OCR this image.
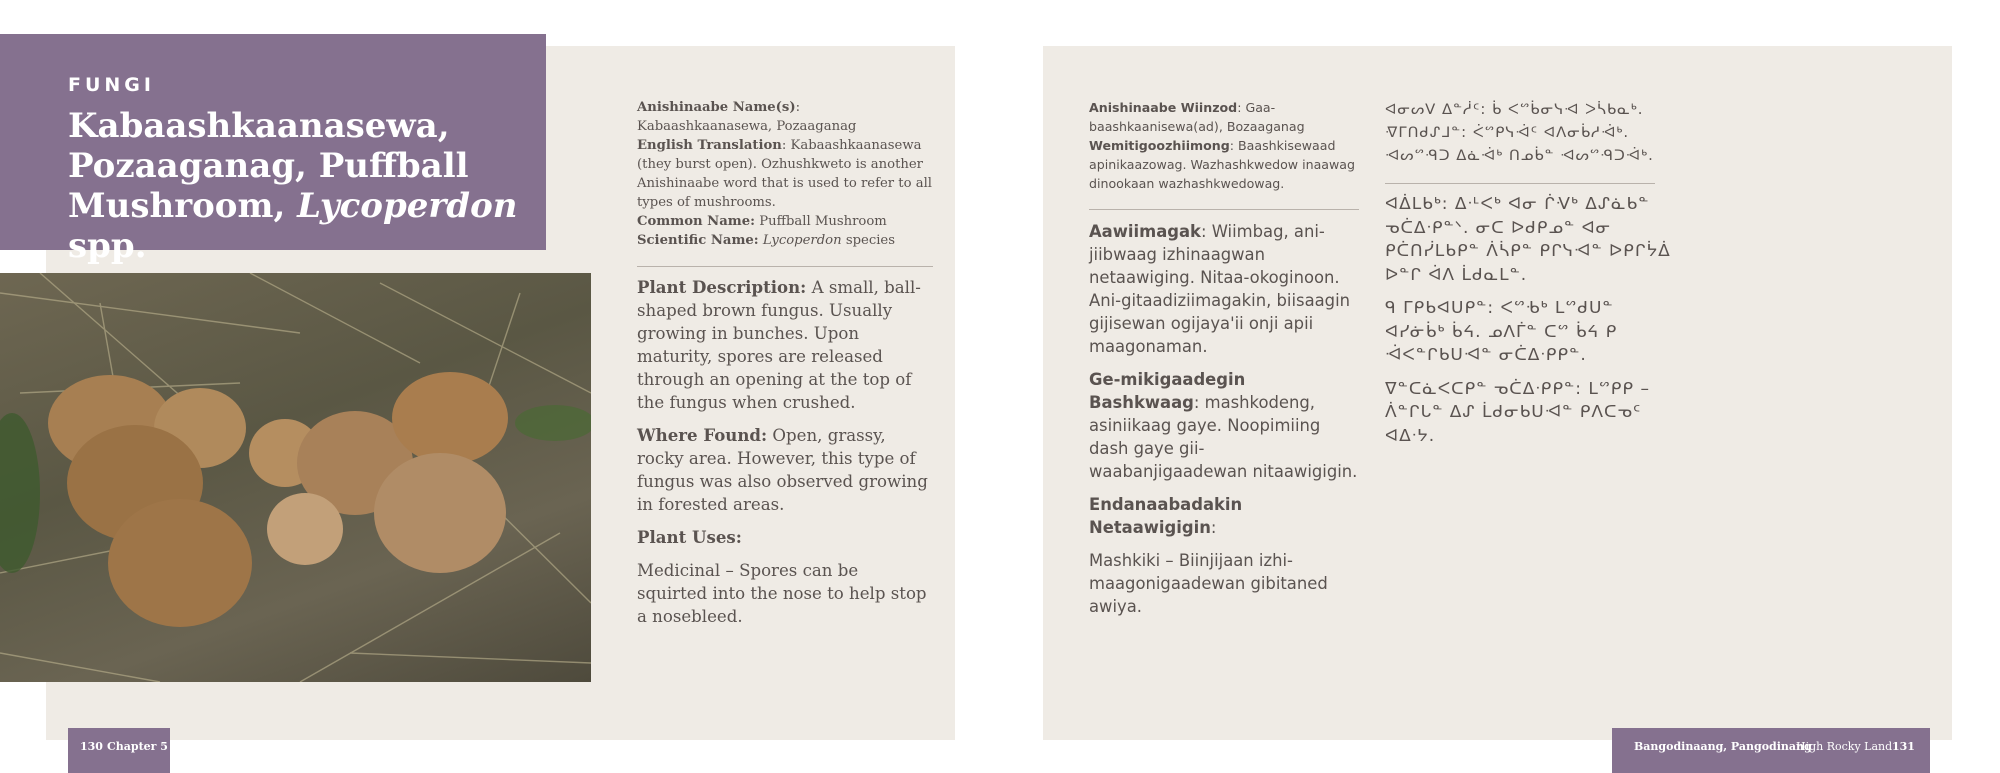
FUNGI
Kabaashkaanasewa,
Pozaaganag, Puffball
Mushroom, Lycoperdon spp.
Anishinaabe Name(s): Kabaashkaanasewa, Pozaaganag
English Translation: Kabaashkaanasewa (they burst open). Ozhushkweto is another Anishinaabe word that is used to refer to all types of mushrooms.
Common Name: Puffball Mushroom
Scientific Name: Lycoperdon species

Plant Description: A small, ball-shaped brown fungus. Usually growing in bunches. Upon maturity, spores are released through an opening at the top of the fungus when crushed.

Where Found: Open, grassy, rocky area. However, this type of fungus was also observed growing in forested areas.

Plant Uses:

Medicinal – Spores can be squirted into the nose to help stop a nosebleed.

Anishinaabe Wiinzod: Gaa-baashkaanisewa(ad), Bozaaganag
Wemitigoozhiimong: Baashkisewaad apinikaazowag. Wazhashkwedow inaawag dinookaan wazhashkwedowag.

Aawiimagak: Wiimbag, ani-jiibwaag izhinaagwan netaawiging. Nitaa-okoginoon. Ani-gitaadiziimagakin, biisaagin gijisewan ogijaya'ii onji apii maagonaman.

Ge-mikigaadegin Bashkwaag: mashkodeng, asiniikaag gaye. Noopimiing dash gaye gii-waabanjigaadewan nitaawigigin.

Endanaabadakin Netaawigigin:

Mashkiki – Biinjijaan izhi-maagonigaadewan gibitaned awiya.

ᐊᓂᔕᐯ ᐃᓐᓲᑦ: ᑳ ᐸᔥᑳᓂᓭᐗ ᐳᓵᑲᓇᒃ. ᐌᒥᑎᑯᔑᒧᓐ: ᐹᔥᑭᓭᐙᑦ ᐊᐱᓂᑳᓱᐙᒃ. ᐗᔕᔥᑴᑐ ᐃᓈᐙᒃ ᑎᓄᑳᓐ ᐗᔕᔥᑴᑐᐙᒃ.

ᐊᐄᒪᑲᒃ: ᐃᐧᒻᐸᒃ ᐊᓂ ᒌᐺᒃ ᐃᔑᓈᑲᓐ ᓀᑖᐃᐧᑭᓐᐠ. ᓂᑕ ᐅᑯᑭᓄᓐ ᐊᓂ ᑭᑖᑎᓰᒪᑲᑭᓐ ᐲᓵᑭᓐ ᑭᒋᓭᐗᓐ ᐅᑭᒋᔮᐄ ᐅᓐᒋ ᐋᐱ ᒫᑯᓇᒪᓐ.

ᑫ ᒥᑭᑲᐊᑌᑭᓐ: ᐸᔥᑾᒃ ᒪᔥᑯᑌᓐ ᐊᓯᓃᑳᒃ ᑳᔦ. ᓄᐱᒦᓐ ᑕᔥ ᑳᔦ ᑭ ᐙᐸᓐᒋᑲᑌᐗᓐ ᓂᑖᐃᐧᑭᑭᓐ.

ᐁᓐᑕᓈᐸᑕᑭᓐ ᓀᑖᐃᐧᑭᑭᓐ: ᒪᔥᑭᑭ – ᐲᓐᒋᒐᓐ ᐃᔑ ᒫᑯᓂᑲᑌᐗᓐ ᑭᐱᑕᓀᑦ ᐊᐃᐧᔭ.

130 Chapter 5	Bangodinaang, Pangodinang
High Rocky Land 131
